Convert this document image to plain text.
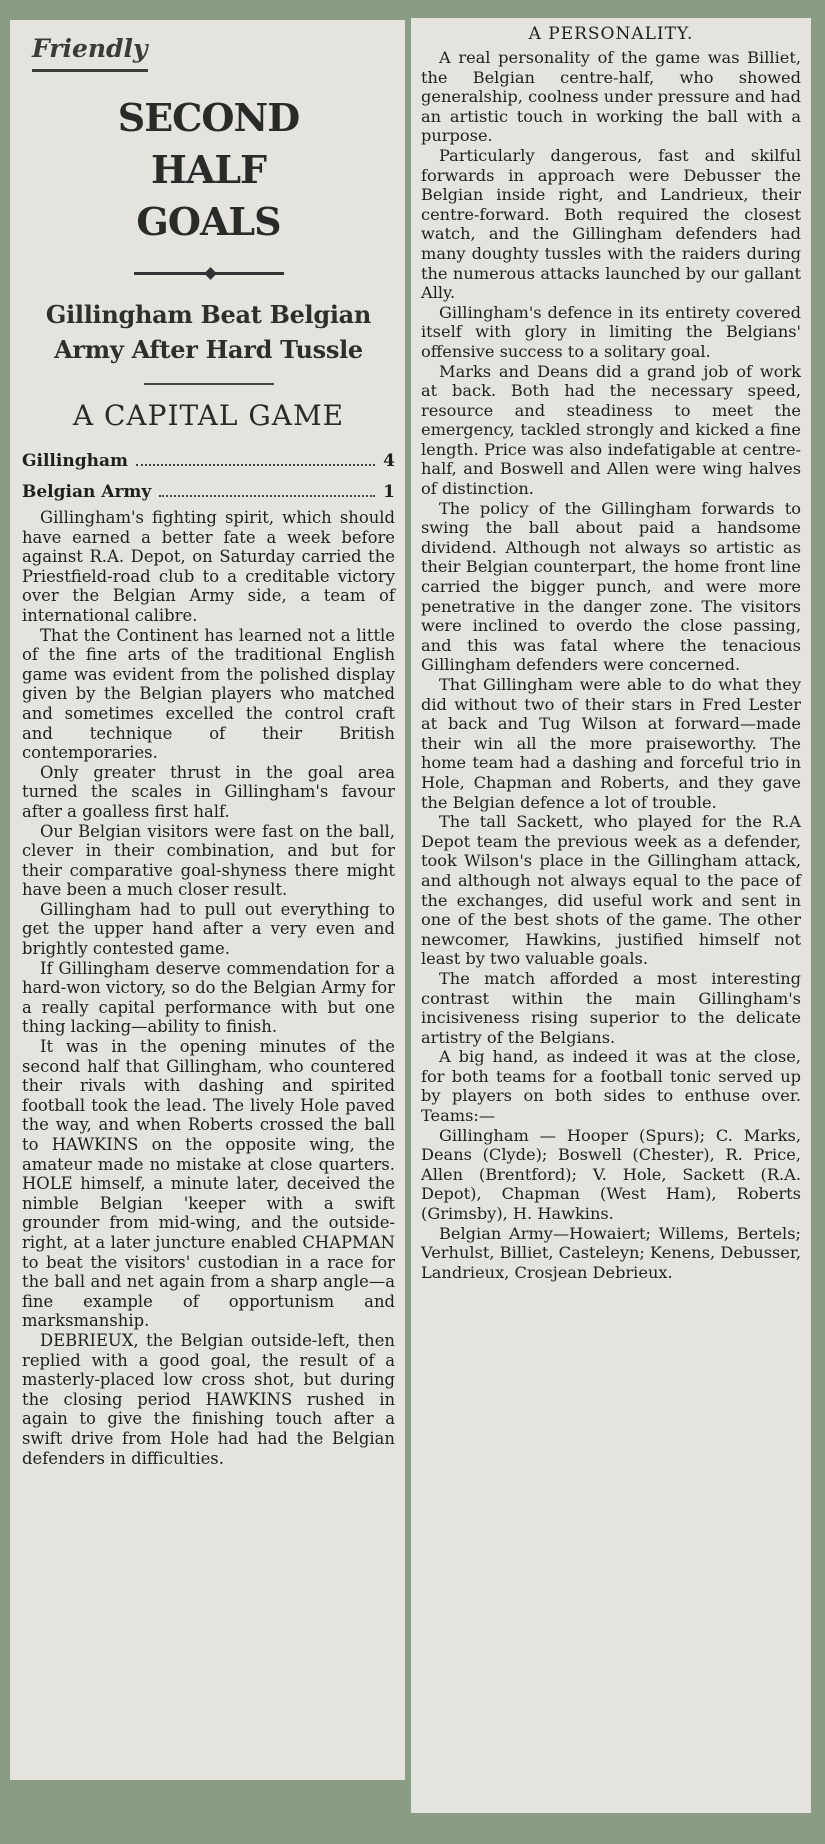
Friendly
SECOND HALF GOALS
Gillingham Beat Belgian Army After Hard Tussle
A CAPITAL GAME
Gillingham	4
Belgian Army	1

Gillingham's fighting spirit, which should have earned a better fate a week before against R.A. Depot, on Saturday carried the Priestfield-road club to a creditable victory over the Belgian Army side, a team of international calibre.

That the Continent has learned not a little of the fine arts of the traditional English game was evident from the polished display given by the Belgian players who matched and sometimes excelled the control craft and technique of their British contemporaries.

Only greater thrust in the goal area turned the scales in Gillingham's favour after a goalless first half.

Our Belgian visitors were fast on the ball, clever in their combination, and but for their comparative goal-shyness there might have been a much closer result.

Gillingham had to pull out everything to get the upper hand after a very even and brightly contested game.

If Gillingham deserve commendation for a hard-won victory, so do the Belgian Army for a really capital performance with but one thing lacking—ability to finish.

It was in the opening minutes of the second half that Gillingham, who countered their rivals with dashing and spirited football took the lead. The lively Hole paved the way, and when Roberts crossed the ball to HAWKINS on the opposite wing, the amateur made no mistake at close quarters. HOLE himself, a minute later, deceived the nimble Belgian 'keeper with a swift grounder from mid-wing, and the outside-right, at a later juncture enabled CHAPMAN to beat the visitors' custodian in a race for the ball and net again from a sharp angle—a fine example of opportunism and marksmanship.

DEBRIEUX, the Belgian outside-left, then replied with a good goal, the result of a masterly-placed low cross shot, but during the closing period HAWKINS rushed in again to give the finishing touch after a swift drive from Hole had had the Belgian defenders in difficulties.

A PERSONALITY.

A real personality of the game was Billiet, the Belgian centre-half, who showed generalship, coolness under pressure and had an artistic touch in working the ball with a purpose.

Particularly dangerous, fast and skilful forwards in approach were Debusser the Belgian inside right, and Landrieux, their centre-forward. Both required the closest watch, and the Gillingham defenders had many doughty tussles with the raiders during the numerous attacks launched by our gallant Ally.

Gillingham's defence in its entirety covered itself with glory in limiting the Belgians' offensive success to a solitary goal.

Marks and Deans did a grand job of work at back. Both had the necessary speed, resource and steadiness to meet the emergency, tackled strongly and kicked a fine length. Price was also indefatigable at centre-half, and Boswell and Allen were wing halves of distinction.

The policy of the Gillingham forwards to swing the ball about paid a handsome dividend. Although not always so artistic as their Belgian counterpart, the home front line carried the bigger punch, and were more penetrative in the danger zone. The visitors were inclined to overdo the close passing, and this was fatal where the tenacious Gillingham defenders were concerned.

That Gillingham were able to do what they did without two of their stars in Fred Lester at back and Tug Wilson at forward—made their win all the more praiseworthy. The home team had a dashing and forceful trio in Hole, Chapman and Roberts, and they gave the Belgian defence a lot of trouble.

The tall Sackett, who played for the R.A Depot team the previous week as a defender, took Wilson's place in the Gillingham attack, and although not always equal to the pace of the exchanges, did useful work and sent in one of the best shots of the game. The other newcomer, Hawkins, justified himself not least by two valuable goals.

The match afforded a most interesting contrast within the main Gillingham's incisiveness rising superior to the delicate artistry of the Belgians.

A big hand, as indeed it was at the close, for both teams for a football tonic served up by players on both sides to enthuse over. Teams:—

Gillingham — Hooper (Spurs); C. Marks, Deans (Clyde); Boswell (Chester), R. Price, Allen (Brentford); V. Hole, Sackett (R.A. Depot), Chapman (West Ham), Roberts (Grimsby), H. Hawkins.

Belgian Army—Howaiert; Willems, Bertels; Verhulst, Billiet, Casteleyn; Kenens, Debusser, Landrieux, Crosjean Debrieux.
